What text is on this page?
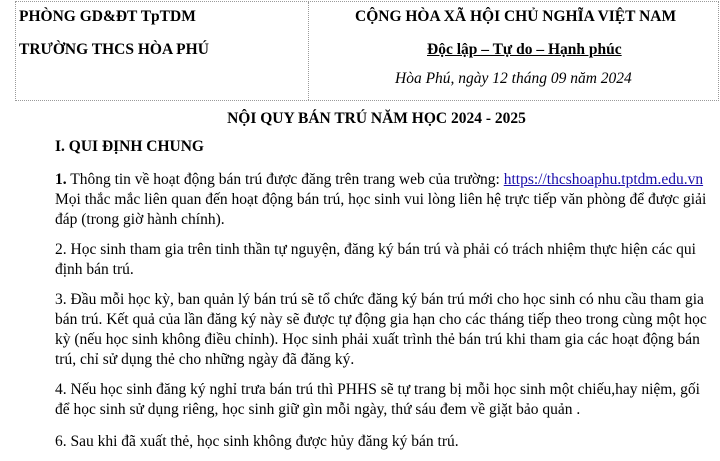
PHÒNG GD&ĐT TpTDM
TRƯỜNG THCS HÒA PHÚ
CỘNG HÒA XÃ HỘI CHỦ NGHĨA VIỆT NAM
Độc lập – Tự do – Hạnh phúc
Hòa Phú, ngày 12 tháng 09 năm 2024
NỘI QUY BÁN TRÚ NĂM HỌC 2024 - 2025
I. QUI ĐỊNH CHUNG
1. Thông tin về hoạt động bán trú được đăng trên trang web của trường: https://thcshoaphu.tptdm.edu.vn Mọi thắc mắc liên quan đến hoạt động bán trú, học sinh vui lòng liên hệ trực tiếp văn phòng để được giải đáp (trong giờ hành chính).
2. Học sinh tham gia trên tinh thần tự nguyện, đăng ký bán trú và phải có trách nhiệm thực hiện các qui định bán trú.
3. Đầu mỗi học kỳ, ban quản lý bán trú sẽ tổ chức đăng ký bán trú mới cho học sinh có nhu cầu tham gia bán trú. Kết quả của lần đăng ký này sẽ được tự động gia hạn cho các tháng tiếp theo trong cùng một học kỳ (nếu học sinh không điều chỉnh). Học sinh phải xuất trình thẻ bán trú khi tham gia các hoạt động bán trú, chỉ sử dụng thẻ cho những ngày đã đăng ký.
4. Nếu học sinh đăng ký nghỉ trưa bán trú thì PHHS sẽ tự trang bị mỗi học sinh một chiếu,hay niệm, gối để học sinh sử dụng riêng, học sinh giữ gìn mỗi ngày, thứ sáu đem về giặt bảo quản .
6. Sau khi đã xuất thẻ, học sinh không được hủy đăng ký bán trú.
